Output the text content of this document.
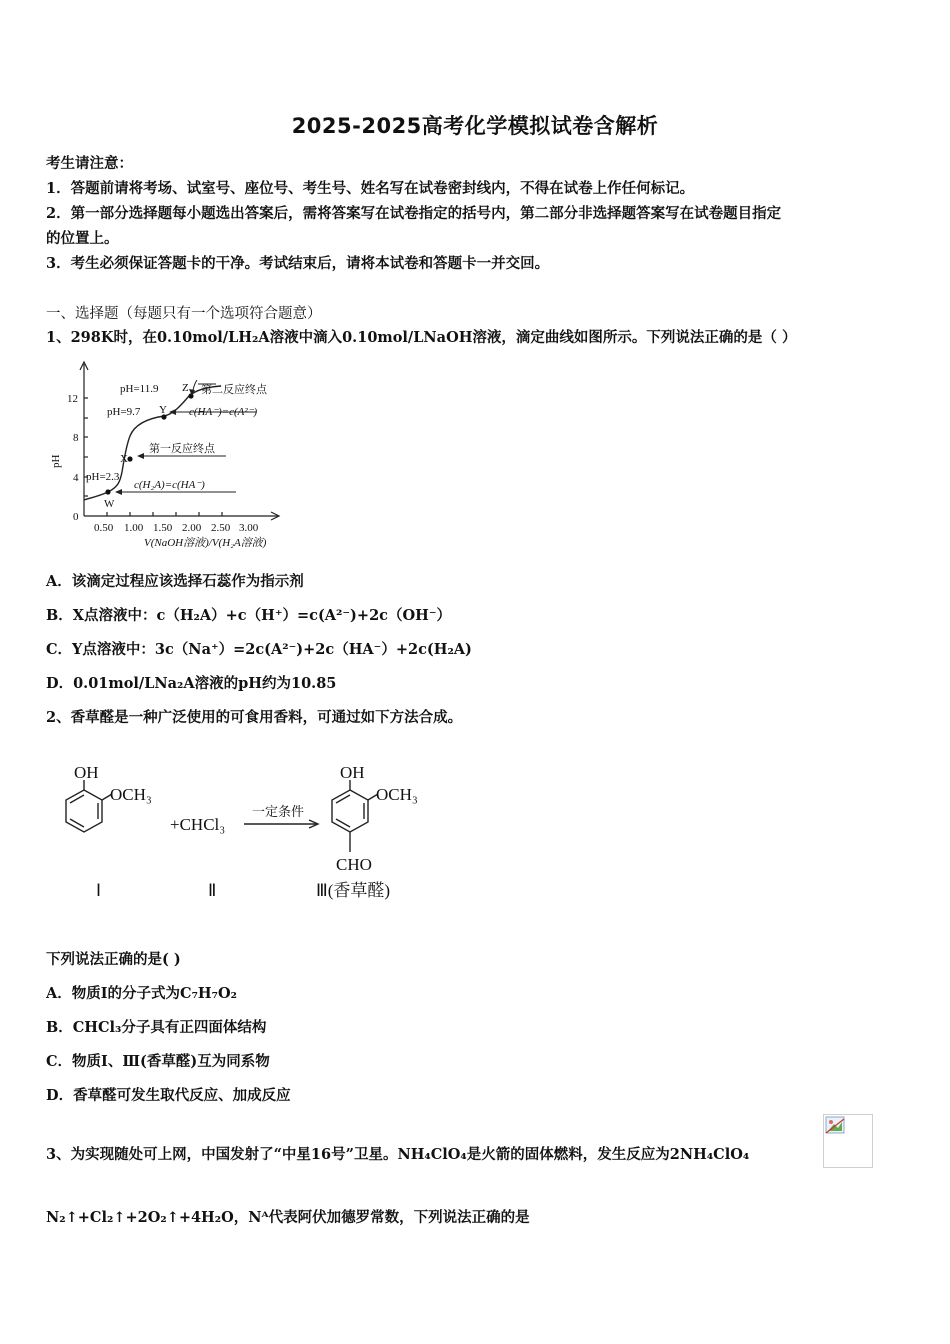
2025-2025高考化学模拟试卷含解析
考生请注意：
1．答题前请将考场、试室号、座位号、考生号、姓名写在试卷密封线内，不得在试卷上作任何标记。
2．第一部分选择题每小题选出答案后，需将答案写在试卷指定的括号内，第二部分非选择题答案写在试卷题目指定
的位置上。
3．考生必须保证答题卡的干净。考试结束后，请将本试卷和答题卡一并交回。
一、选择题（每题只有一个选项符合题意）
1、298K时，在0.10mol/LH₂A溶液中滴入0.10mol/LNaOH溶液，滴定曲线如图所示。下列说法正确的是（ ）
pH
0
4
8
12
0.50 1.00 1.50 2.00 2.50 3.00
V(NaOH溶液)/V(H₂A溶液)
W
X
Y
Z
pH=11.9
pH=9.7
pH=2.3
第二反应终点
c(HA⁻)=c(A²⁻)
第一反应终点
c(H₂A)=c(HA⁻)
A．该滴定过程应该选择石蕊作为指示剂
B．X点溶液中：c（H₂A）+c（H⁺）=c(A²⁻)+2c（OH⁻）
C．Y点溶液中：3c（Na⁺）=2c(A²⁻)+2c（HA⁻）+2c(H₂A)
D．0.01mol/LNa₂A溶液的pH约为10.85
2、香草醛是一种广泛使用的可食用香料，可通过如下方法合成。
OH
OCH₃
+CHCl₃
一定条件
OH
OCH₃
CHO
Ⅰ	Ⅱ	Ⅲ(香草醛)
下列说法正确的是( )
A．物质Ⅰ的分子式为C₇H₇O₂
B．CHCl₃分子具有正四面体结构
C．物质Ⅰ、Ⅲ(香草醛)互为同系物
D．香草醛可发生取代反应、加成反应
3、为实现随处可上网，中国发射了“中星16号”卫星。NH₄ClO₄是火箭的固体燃料，发生反应为2NH₄ClO₄
N₂↑+Cl₂↑+2O₂↑+4H₂O，Nᴬ代表阿伏加德罗常数，下列说法正确的是
